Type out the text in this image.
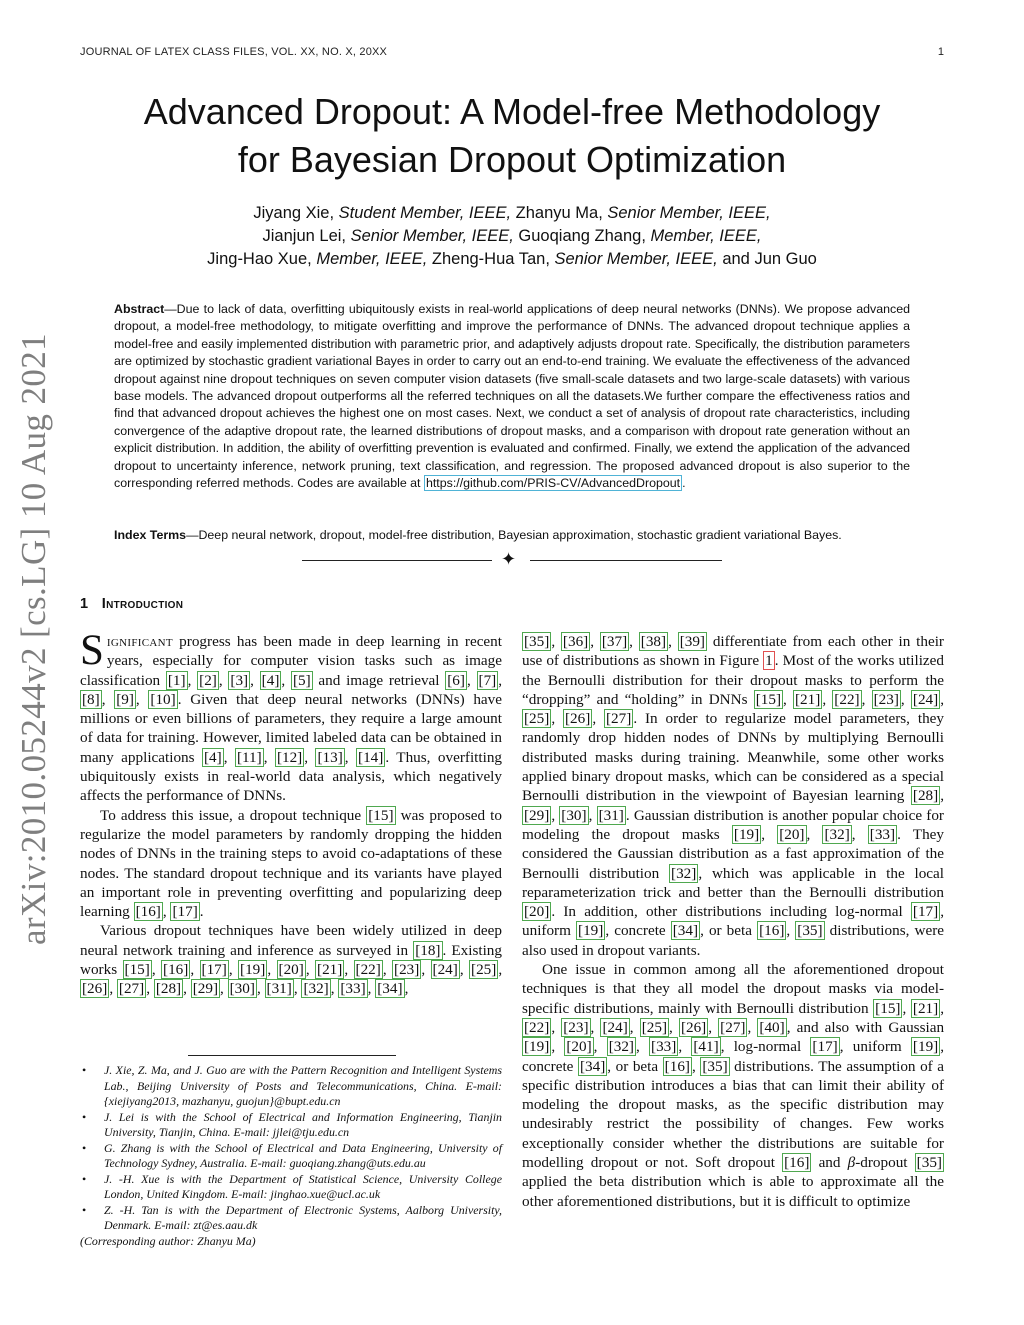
JOURNAL OF LATEX CLASS FILES, VOL. XX, NO. X, 20XX	1
Advanced Dropout: A Model-free Methodology
for Bayesian Dropout Optimization
Jiyang Xie, Student Member, IEEE, Zhanyu Ma, Senior Member, IEEE,
Jianjun Lei, Senior Member, IEEE, Guoqiang Zhang, Member, IEEE,
Jing-Hao Xue, Member, IEEE, Zheng-Hua Tan, Senior Member, IEEE, and Jun Guo
Abstract—Due to lack of data, overfitting ubiquitously exists in real-world applications of deep neural networks (DNNs). We propose advanced dropout, a model-free methodology, to mitigate overfitting and improve the performance of DNNs. The advanced dropout technique applies a model-free and easily implemented distribution with parametric prior, and adaptively adjusts dropout rate. Specifically, the distribution parameters are optimized by stochastic gradient variational Bayes in order to carry out an end-to-end training. We evaluate the effectiveness of the advanced dropout against nine dropout techniques on seven computer vision datasets (five small-scale datasets and two large-scale datasets) with various base models. The advanced dropout outperforms all the referred techniques on all the datasets.We further compare the effectiveness ratios and find that advanced dropout achieves the highest one on most cases. Next, we conduct a set of analysis of dropout rate characteristics, including convergence of the adaptive dropout rate, the learned distributions of dropout masks, and a comparison with dropout rate generation without an explicit distribution. In addition, the ability of overfitting prevention is evaluated and confirmed. Finally, we extend the application of the advanced dropout to uncertainty inference, network pruning, text classification, and regression. The proposed advanced dropout is also superior to the corresponding referred methods. Codes are available at https://github.com/PRIS-CV/AdvancedDropout .
Index Terms—Deep neural network, dropout, model-free distribution, Bayesian approximation, stochastic gradient variational Bayes.
✦
arXiv:2010.05244v2 [cs.LG] 10 Aug 2021 1 Introduction

Significant progress has been made in deep learning in recent years, especially for computer vision tasks such as image classification [1] , [2] , [3] , [4] , [5] and image retrieval [6] , [7] , [8] , [9] , [10] . Given that deep neural networks (DNNs) have millions or even billions of parameters, they require a large amount of data for training. However, limited labeled data can be obtained in many applications [4] , [11] , [12] , [13] , [14] . Thus, overfitting ubiquitously exists in real-world data analysis, which negatively affects the performance of DNNs.

To address this issue, a dropout technique [15] was proposed to regularize the model parameters by randomly dropping the hidden nodes of DNNs in the training steps to avoid co-adaptations of these nodes. The standard dropout technique and its variants have played an important role in preventing overfitting and popularizing deep learning [16] , [17] .

Various dropout techniques have been widely utilized in deep neural network training and inference as surveyed in [18] . Existing works [15] , [16] , [17] , [19] , [20] , [21] , [22] , [23] , [24] , [25] , [26] , [27] , [28] , [29] , [30] , [31] , [32] , [33] , [34] ,

• J. Xie, Z. Ma, and J. Guo are with the Pattern Recognition and Intelligent Systems Lab., Beijing University of Posts and Telecommunications, China. E-mail: {xiejiyang2013, mazhanyu, guojun}@bupt.edu.cn
• J. Lei is with the School of Electrical and Information Engineering, Tianjin University, Tianjin, China. E-mail: jjlei@tju.edu.cn
• G. Zhang is with the School of Electrical and Data Engineering, University of Technology Sydney, Australia. E-mail: guoqiang.zhang@uts.edu.au
• J. -H. Xue is with the Department of Statistical Science, University College London, United Kingdom. E-mail: jinghao.xue@ucl.ac.uk
• Z. -H. Tan is with the Department of Electronic Systems, Aalborg University, Denmark. E-mail: zt@es.aau.dk
(Corresponding author: Zhanyu Ma)

[35] , [36] , [37] , [38] , [39] differentiate from each other in their use of distributions as shown in Figure 1 . Most of the works utilized the Bernoulli distribution for their dropout masks to perform the “dropping” and “holding” in DNNs [15] , [21] , [22] , [23] , [24] , [25] , [26] , [27] . In order to regularize model parameters, they randomly drop hidden nodes of DNNs by multiplying Bernoulli distributed masks during training. Meanwhile, some other works applied binary dropout masks, which can be considered as a special Bernoulli distribution in the viewpoint of Bayesian learning [28] , [29] , [30] , [31] . Gaussian distribution is another popular choice for modeling the dropout masks [19] , [20] , [32] , [33] . They considered the Gaussian distribution as a fast approximation of the Bernoulli distribution [32] , which was applicable in the local reparameterization trick and better than the Bernoulli distribution [20] . In addition, other distributions including log-normal [17] , uniform [19] , concrete [34] , or beta [16] , [35] distributions, were also used in dropout variants.

One issue in common among all the aforementioned dropout techniques is that they all model the dropout masks via model-specific distributions, mainly with Bernoulli distribution [15] , [21] , [22] , [23] , [24] , [25] , [26] , [27] , [40] , and also with Gaussian [19] , [20] , [32] , [33] , [41] , log-normal [17] , uniform [19] , concrete [34] , or beta [16] , [35] distributions. The assumption of a specific distribution introduces a bias that can limit their ability of modeling the dropout masks, as the specific distribution may undesirably restrict the possibility of changes. Few works exceptionally consider whether the distributions are suitable for modelling dropout or not. Soft dropout [16] and β-dropout [35] applied the beta distribution which is able to approximate all the other aforementioned distributions, but it is difficult to optimize
